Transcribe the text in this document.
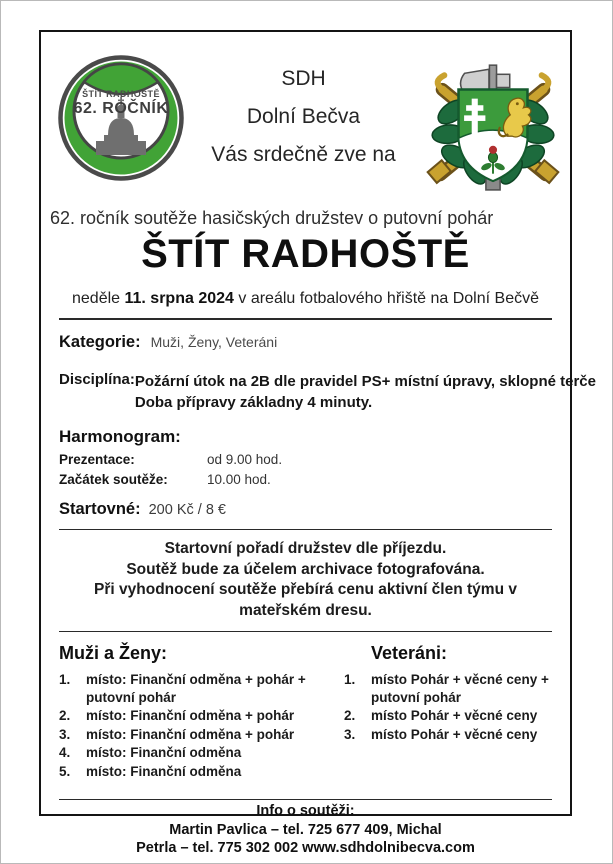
ŠTÍT RADHOŠTĚ
62. ROČNÍK
SDH
Dolní Bečva
Vás srdečně zve na
62. ročník soutěže hasičských družstev o putovní pohár
ŠTÍT RADHOŠTĚ
neděle 11. srpna 2024 v areálu fotbalového hřiště na Dolní Bečvě
Kategorie: Muži, Ženy, Veteráni
Disciplína: Požární útok na 2B dle pravidel PS+ místní úpravy, sklopné terče
Doba přípravy základny 4 minuty.
Harmonogram:
Prezentace:	od 9.00 hod.
Začátek soutěže:	10.00 hod.
Startovné: 200 Kč / 8 €
Startovní pořadí družstev dle příjezdu.
Soutěž bude za účelem archivace fotografována.
Při vyhodnocení soutěže přebírá cenu aktivní člen týmu v mateřském dresu.
Muži a Ženy:
1.	místo: Finanční odměna + pohár + putovní pohár
2.	místo: Finanční odměna + pohár
3.	místo: Finanční odměna + pohár
4.	místo: Finanční odměna
5.	místo: Finanční odměna
Veteráni:
1.	místo Pohár + věcné ceny + putovní pohár
2.	místo Pohár + věcné ceny
3.	místo Pohár + věcné ceny
Info o soutěži:
Martin Pavlica – tel. 725 677 409, Michal
Petrla – tel. 775 302 002 www.sdhdolnibecva.com
